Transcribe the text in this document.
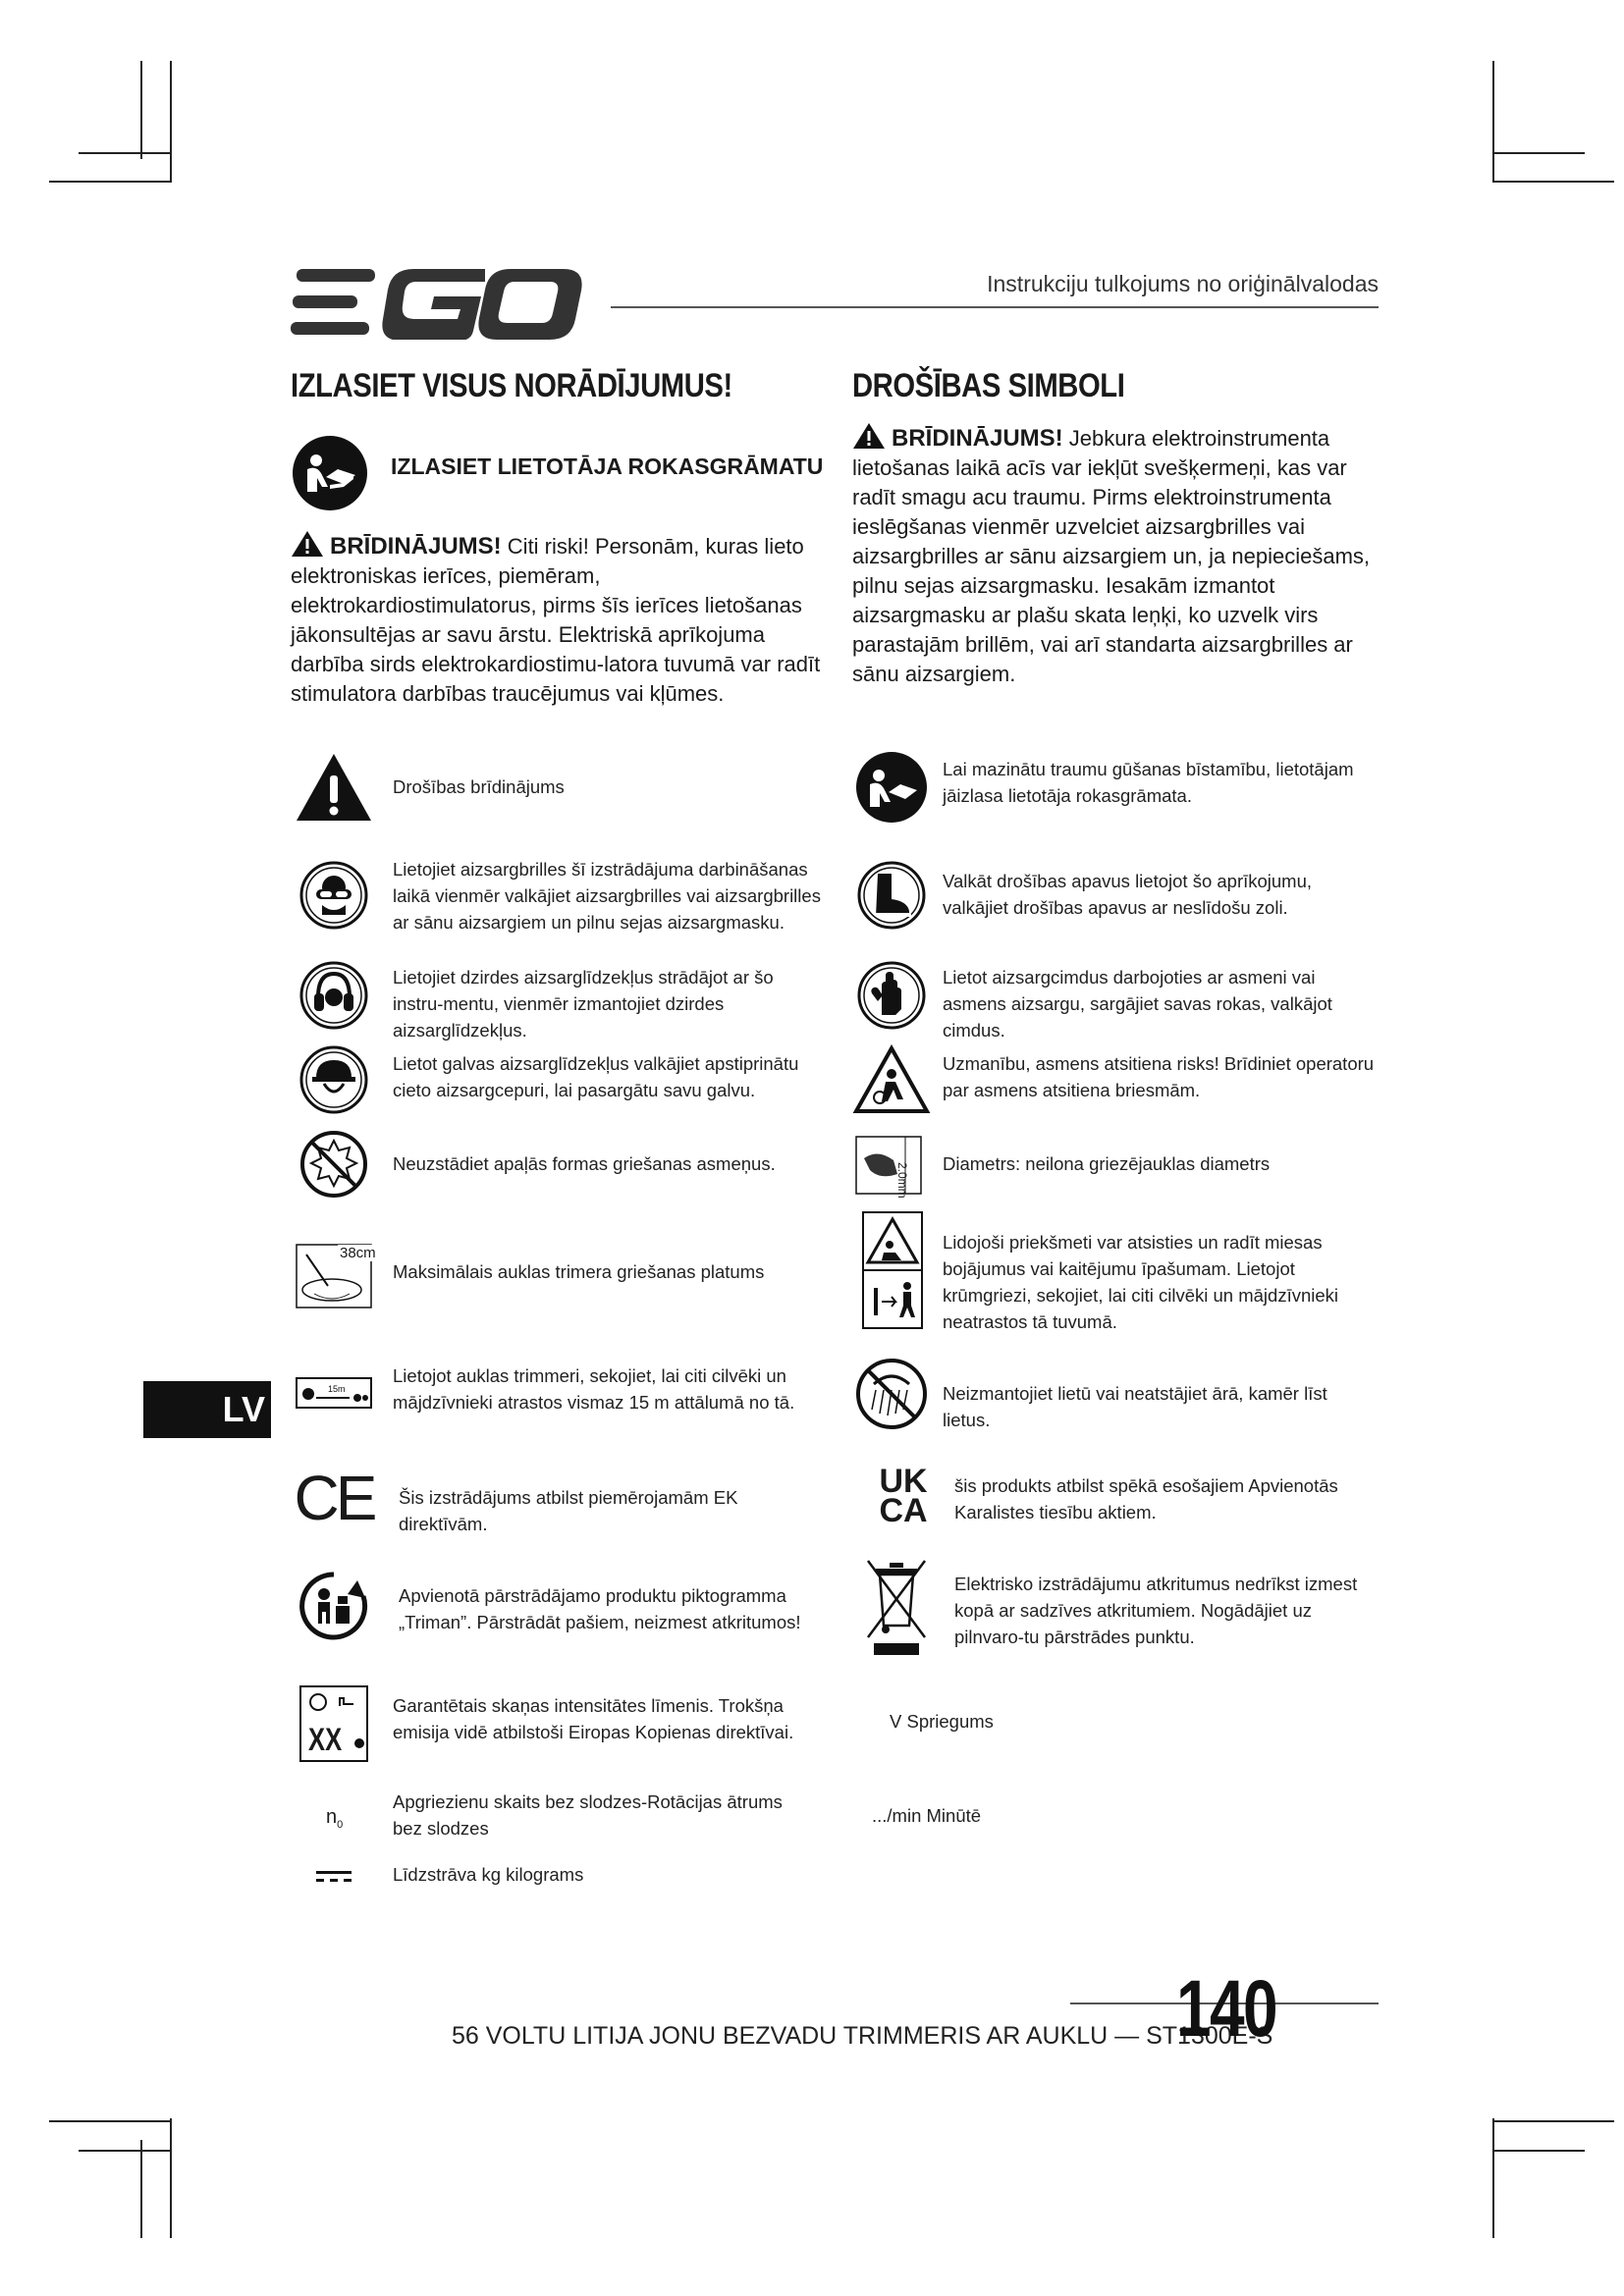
Instrukciju tulkojums no oriģinālvalodas
IZLASIET VISUS NORĀDĪJUMUS!
IZLASIET LIETOTĀJA ROKASGRĀMATU
BRĪDINĀJUMS! Citi riski! Personām, kuras lieto elektroniskas ierīces, piemēram, elektrokardiostimulatorus, pirms šīs ierīces lietošanas jākonsultējas ar savu ārstu. Elektriskā aprīkojuma darbība sirds elektrokardiostimu-latora tuvumā var radīt stimulatora darbības traucējumus vai kļūmes.
DROŠĪBAS SIMBOLI
BRĪDINĀJUMS! Jebkura elektroinstrumenta lietošanas laikā acīs var iekļūt svešķermeņi, kas var radīt smagu acu traumu. Pirms elektroinstrumenta ieslēgšanas vienmēr uzvelciet aizsargbrilles vai aizsargbrilles ar sānu aizsargiem un, ja nepieciešams, pilnu sejas aizsargmasku. Iesakām izmantot aizsargmasku ar plašu skata leņķi, ko uzvelk virs parastajām brillēm, vai arī standarta aizsargbrilles ar sānu aizsargiem.
Drošības brīdinājums
Lietojiet aizsargbrilles šī izstrādājuma darbināšanas laikā vienmēr valkājiet aizsargbrilles vai aizsargbrilles ar sānu aizsargiem un pilnu sejas aizsargmasku.
Lietojiet dzirdes aizsarglīdzekļus strādājot ar šo instru-mentu, vienmēr izmantojiet dzirdes aizsarglīdzekļus.
Lietot galvas aizsarglīdzekļus valkājiet apstiprinātu cieto aizsargcepuri, lai pasargātu savu galvu.
Neuzstādiet apaļās formas griešanas asmeņus.
38cm
Maksimālais auklas trimera griešanas platums
15m
Lietojot auklas trimmeri, sekojiet, lai citi cilvēki un mājdzīvnieki atrastos vismaz 15 m attālumā no tā.
CE Šis izstrādājums atbilst piemērojamām EK direktīvām.
Apvienotā pārstrādājamo produktu piktogramma „Triman”. Pārstrādāt pašiem, neizmest atkritumos!
XX
Garantētais skaņas intensitātes līmenis. Trokšņa emisija vidē atbilstoši Eiropas Kopienas direktīvai.
$n_0$
Apgriezienu skaits bez slodzes-Rotācijas ātrums bez slodzes
Līdzstrāva kg kilograms
Lai mazinātu traumu gūšanas bīstamību, lietotājam jāizlasa lietotāja rokasgrāmata.
Valkāt drošības apavus lietojot šo aprīkojumu, valkājiet drošības apavus ar neslīdošu zoli.
Lietot aizsargcimdus darbojoties ar asmeni vai asmens aizsargu, sargājiet savas rokas, valkājot cimdus.
Uzmanību, asmens atsitiena risks! Brīdiniet operatoru par asmens atsitiena briesmām.
2.0mm Diametrs: neilona griezējauklas diametrs
Lidojoši priekšmeti var atsisties un radīt miesas bojājumus vai kaitējumu īpašumam. Lietojot krūmgriezi, sekojiet, lai citi cilvēki un mājdzīvnieki neatrastos tā tuvumā.
Neizmantojiet lietū vai neatstājiet ārā, kamēr līst lietus.
UK
CA
šis produkts atbilst spēkā esošajiem Apvienotās Karalistes tiesību aktiem.
Elektrisko izstrādājumu atkritumus nedrīkst izmest kopā ar sadzīves atkritumiem. Nogādājiet uz pilnvaro-tu pārstrādes punktu.
V Spriegums
.../min Minūtē
LV
56 VOLTU LITIJA JONU BEZVADU TRIMMERIS AR AUKLU — ST1300E-S
140
